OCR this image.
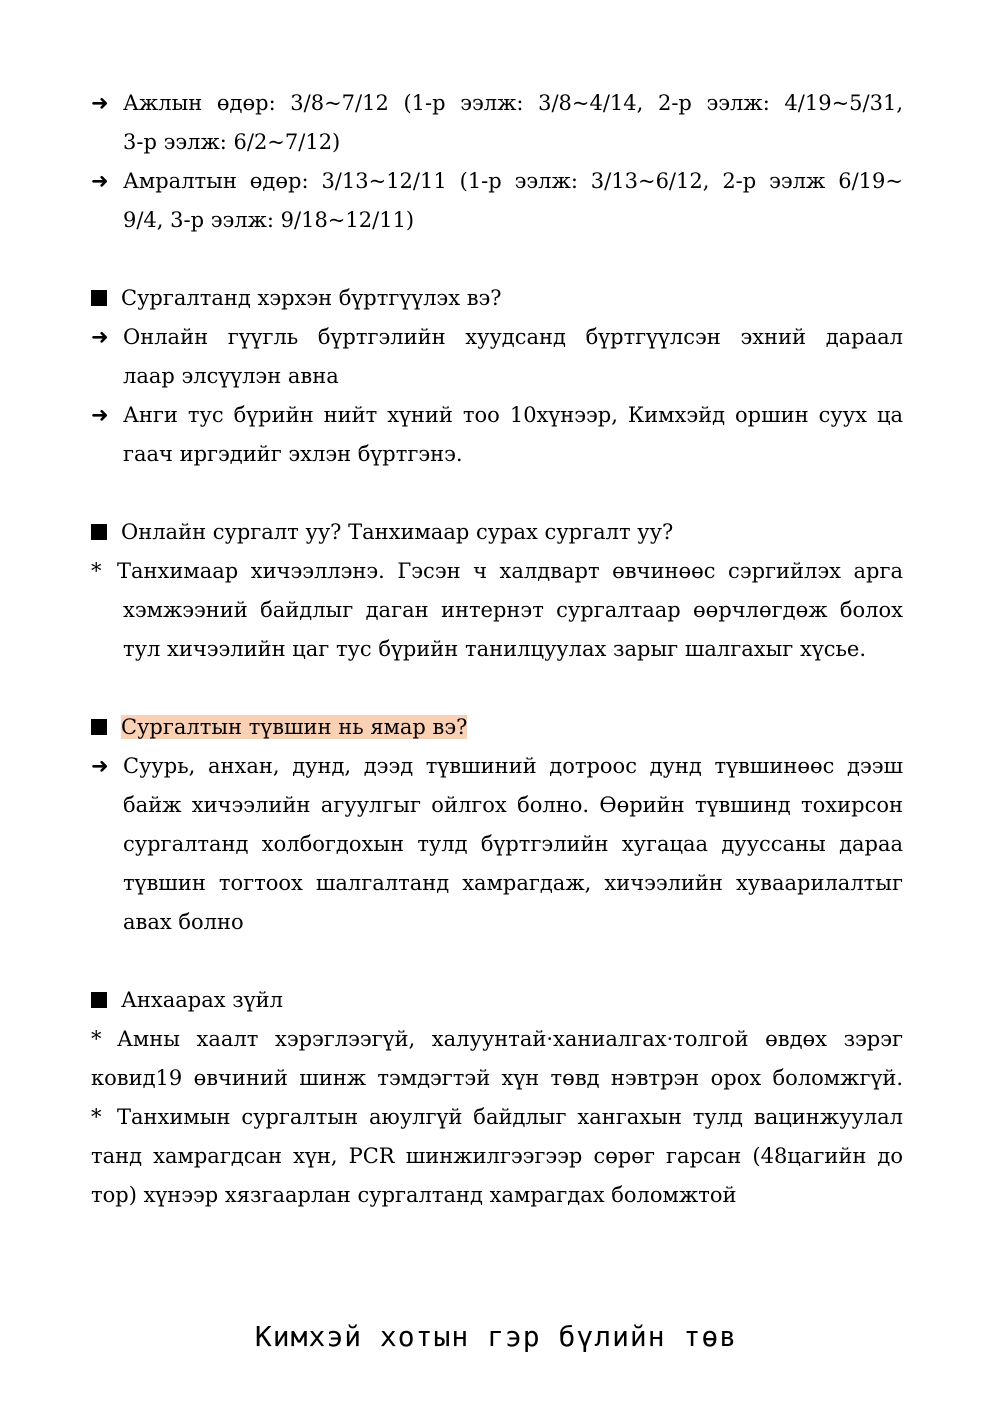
➜ Ажлын өдөр: 3/8~7/12 (1-р ээлж: 3/8~4/14, 2-р ээлж: 4/19~5/31,
3-р ээлж: 6/2~7/12)
➜ Амралтын өдөр: 3/13~12/11 (1-р ээлж: 3/13~6/12, 2-р ээлж 6/19~
9/4, 3-р ээлж: 9/18~12/11)
Сургалтанд хэрхэн бүртгүүлэх вэ?
➜ Онлайн гүүгль бүртгэлийн хуудсанд бүртгүүлсэн эхний дараал
лаар элсүүлэн авна
➜ Анги тус бүрийн нийт хүний тоо 10хүнээр, Кимхэйд оршин суух ца
гаач иргэдийг эхлэн бүртгэнэ.
Онлайн сургалт уу? Танхимаар сурах сургалт уу?
* Танхимаар хичээллэнэ. Гэсэн ч халдварт өвчинөөс сэргийлэх арга
хэмжээний байдлыг даган интернэт сургалтаар өөрчлөгдөж болох
тул хичээлийн цаг тус бүрийн танилцуулах зарыг шалгахыг хүсье.
Сургалтын түвшин нь ямар вэ?
➜ Суурь, анхан, дунд, дээд түвшиний дотроос дунд түвшинөөс дээш
байж хичээлийн агуулгыг ойлгох болно. Өөрийн түвшинд тохирсон
сургалтанд холбогдохын тулд бүртгэлийн хугацаа дуусcаны дараа
түвшин тогтоох шалгалтанд хамрагдаж, хичээлийн хуваарилалтыг
авах болно
Анхаарах зүйл
* Амны хаалт хэрэглээгүй, халуунтай·ханиалгах·толгой өвдөх зэрэг
ковид19 өвчиний шинж тэмдэгтэй хүн төвд нэвтрэн орох боломжгүй.
* Танхимын сургалтын аюулгүй байдлыг хангахын тулд вацинжуулал
танд хамрагдсан хүн, PCR шинжилгээгээр сөрөг гарсан (48цагийн до
тор) хүнээр хязгаарлан сургалтанд хамрагдах боломжтой
Кимхэй хотын гэр бүлийн төв
